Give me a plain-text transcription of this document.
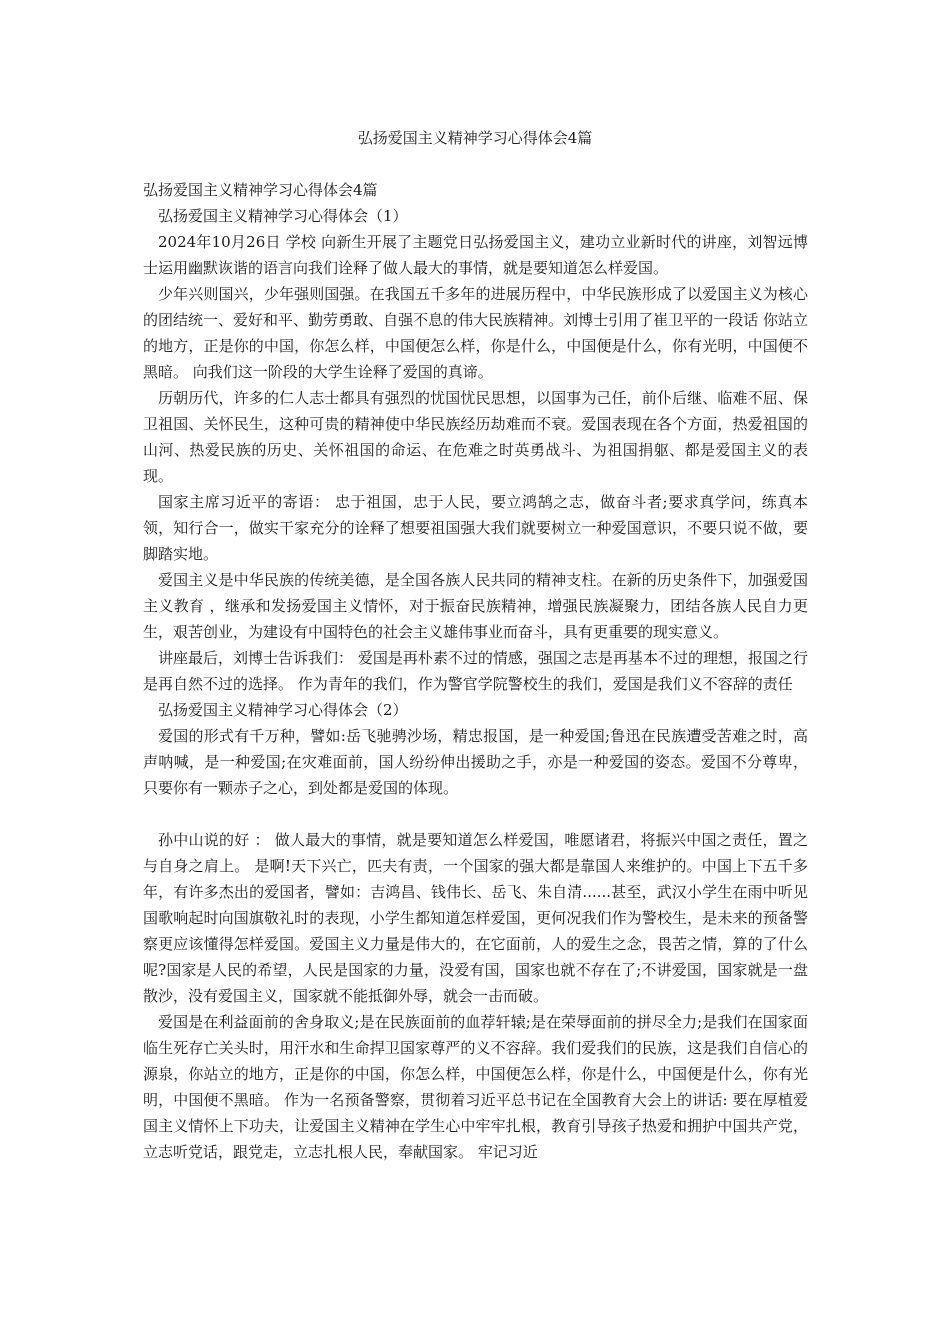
弘扬爱国主义精神学习心得体会4篇

弘扬爱国主义精神学习心得体会4篇

弘扬爱国主义精神学习心得体会（1）

2024年10月26日 学校 向新生开展了主题党日弘扬爱国主义，建功立业新时代的讲座，刘智远博士运用幽默诙谐的语言向我们诠释了做人最大的事情，就是要知道怎么样爱国。

少年兴则国兴，少年强则国强。在我国五千多年的进展历程中，中华民族形成了以爱国主义为核心的团结统一、爱好和平、勤劳勇敢、自强不息的伟大民族精神。刘博士引用了崔卫平的一段话 你站立的地方，正是你的中国，你怎么样，中国便怎么样，你是什么，中国便是什么，你有光明，中国便不黑暗。 向我们这一阶段的大学生诠释了爱国的真谛。

历朝历代，许多的仁人志士都具有强烈的忧国忧民思想，以国事为己任，前仆后继、临难不屈、保卫祖国、关怀民生，这种可贵的精神使中华民族经历劫难而不衰。爱国表现在各个方面，热爱祖国的山河、热爱民族的历史、关怀祖国的命运、在危难之时英勇战斗、为祖国捐躯、都是爱国主义的表现。

国家主席习近平的寄语： 忠于祖国，忠于人民，要立鸿鹄之志，做奋斗者;要求真学问，练真本领，知行合一，做实干家充分的诠释了想要祖国强大我们就要树立一种爱国意识，不要只说不做，要脚踏实地。

爱国主义是中华民族的传统美德，是全国各族人民共同的精神支柱。在新的历史条件下，加强爱国主义教育 ，继承和发扬爱国主义情怀，对于振奋民族精神，增强民族凝聚力，团结各族人民自力更生，艰苦创业，为建设有中国特色的社会主义雄伟事业而奋斗，具有更重要的现实意义。

讲座最后，刘博士告诉我们： 爱国是再朴素不过的情感，强国之志是再基本不过的理想，报国之行是再自然不过的选择。 作为青年的我们，作为警官学院警校生的我们，爱国是我们义不容辞的责任

弘扬爱国主义精神学习心得体会（2）

爱国的形式有千万种，譬如:岳飞驰骋沙场，精忠报国，是一种爱国;鲁迅在民族遭受苦难之时，高声呐喊，是一种爱国;在灾难面前，国人纷纷伸出援助之手，亦是一种爱国的姿态。爱国不分尊卑，只要你有一颗赤子之心，到处都是爱国的体现。

孙中山说的好 ： 做人最大的事情，就是要知道怎么样爱国，唯愿诸君，将振兴中国之责任，置之与自身之肩上。 是啊!天下兴亡，匹夫有责，一个国家的强大都是靠国人来维护的。中国上下五千多年，有许多杰出的爱国者，譬如：吉鸿昌、钱伟长、岳飞、朱自清......甚至，武汉小学生在雨中听见国歌响起时向国旗敬礼时的表现，小学生都知道怎样爱国，更何况我们作为警校生，是未来的预备警察更应该懂得怎样爱国。爱国主义力量是伟大的，在它面前，人的爱生之念，畏苦之情，算的了什么呢?国家是人民的希望，人民是国家的力量，没爱有国，国家也就不存在了;不讲爱国，国家就是一盘散沙，没有爱国主义，国家就不能抵御外辱，就会一击而破。

爱国是在利益面前的舍身取义;是在民族面前的血荐轩辕;是在荣辱面前的拼尽全力;是我们在国家面临生死存亡关头时，用汗水和生命捍卫国家尊严的义不容辞。我们爱我们的民族，这是我们自信心的源泉，你站立的地方，正是你的中国，你怎么样，中国便怎么样，你是什么，中国便是什么，你有光明，中国便不黑暗。 作为一名预备警察，贯彻着习近平总书记在全国教育大会上的讲话: 要在厚植爱国主义情怀上下功夫，让爱国主义精神在学生心中牢牢扎根，教育引导孩子热爱和拥护中国共产党，立志听党话，跟党走，立志扎根人民，奉献国家。 牢记习近
